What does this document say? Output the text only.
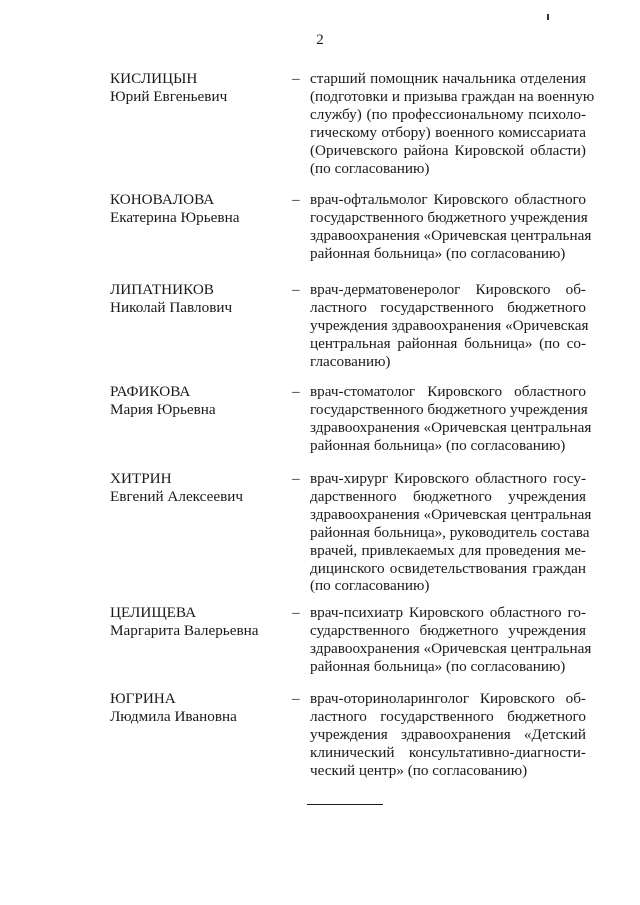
2
КИСЛИЦЫН
Юрий Евгеньевич
– старший помощник начальника отделения
(подготовки и призыва граждан на военную
службу) (по профессиональному психоло-
гическому отбору) военного комиссариата
(Оричевского района Кировской области)
(по согласованию)
КОНОВАЛОВА
Екатерина Юрьевна
– врач-офтальмолог Кировского областного
государственного бюджетного учреждения
здравоохранения «Оричевская центральная
районная больница» (по согласованию)
ЛИПАТНИКОВ
Николай Павлович
– врач-дерматовенеролог Кировского об-
ластного государственного бюджетного
учреждения здравоохранения «Оричевская
центральная районная больница» (по со-
гласованию)
РАФИКОВА
Мария Юрьевна
– врач-стоматолог Кировского областного
государственного бюджетного учреждения
здравоохранения «Оричевская центральная
районная больница» (по согласованию)
ХИТРИН
Евгений Алексеевич
– врач-хирург Кировского областного госу-
дарственного бюджетного учреждения
здравоохранения «Оричевская центральная
районная больница», руководитель состава
врачей, привлекаемых для проведения ме-
дицинского освидетельствования граждан
(по согласованию)
ЦЕЛИЩЕВА
Маргарита Валерьевна
– врач-психиатр Кировского областного го-
сударственного бюджетного учреждения
здравоохранения «Оричевская центральная
районная больница» (по согласованию)
ЮГРИНА
Людмила Ивановна
– врач-оториноларинголог Кировского об-
ластного государственного бюджетного
учреждения здравоохранения «Детский
клинический консультативно-диагности-
ческий центр» (по согласованию)
